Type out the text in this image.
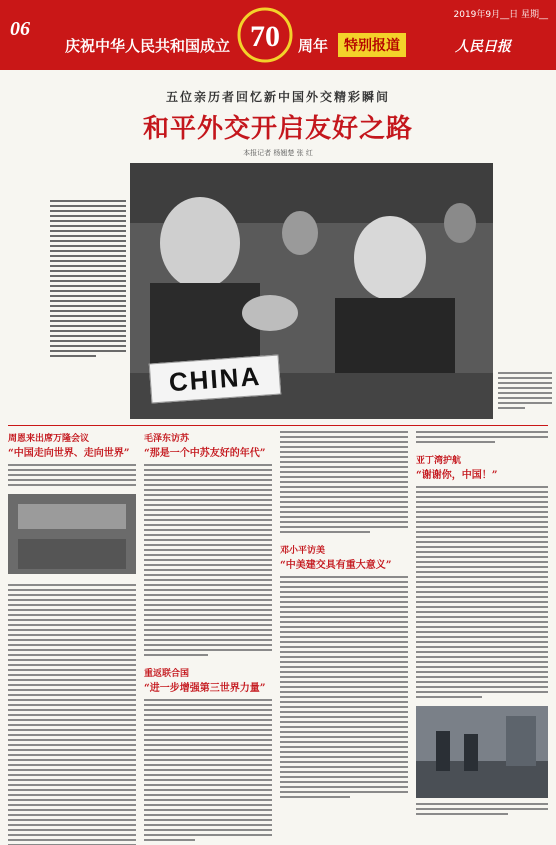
06
庆祝中华人民共和国成立 70 周年	特别报道	人民日报
2019年9月__日 星期__
五位亲历者回忆新中国外交精彩瞬间
和平外交开启友好之路
本报记者 杨翘楚 张 红
CHINA
周恩来出席万隆会议
“中国走向世界、走向世界”
毛泽东访苏
“那是一个中苏友好的年代”
重返联合国
“进一步增强第三世界力量”
邓小平访美
“中美建交具有重大意义”
亚丁湾护航
“谢谢你，中国！”
